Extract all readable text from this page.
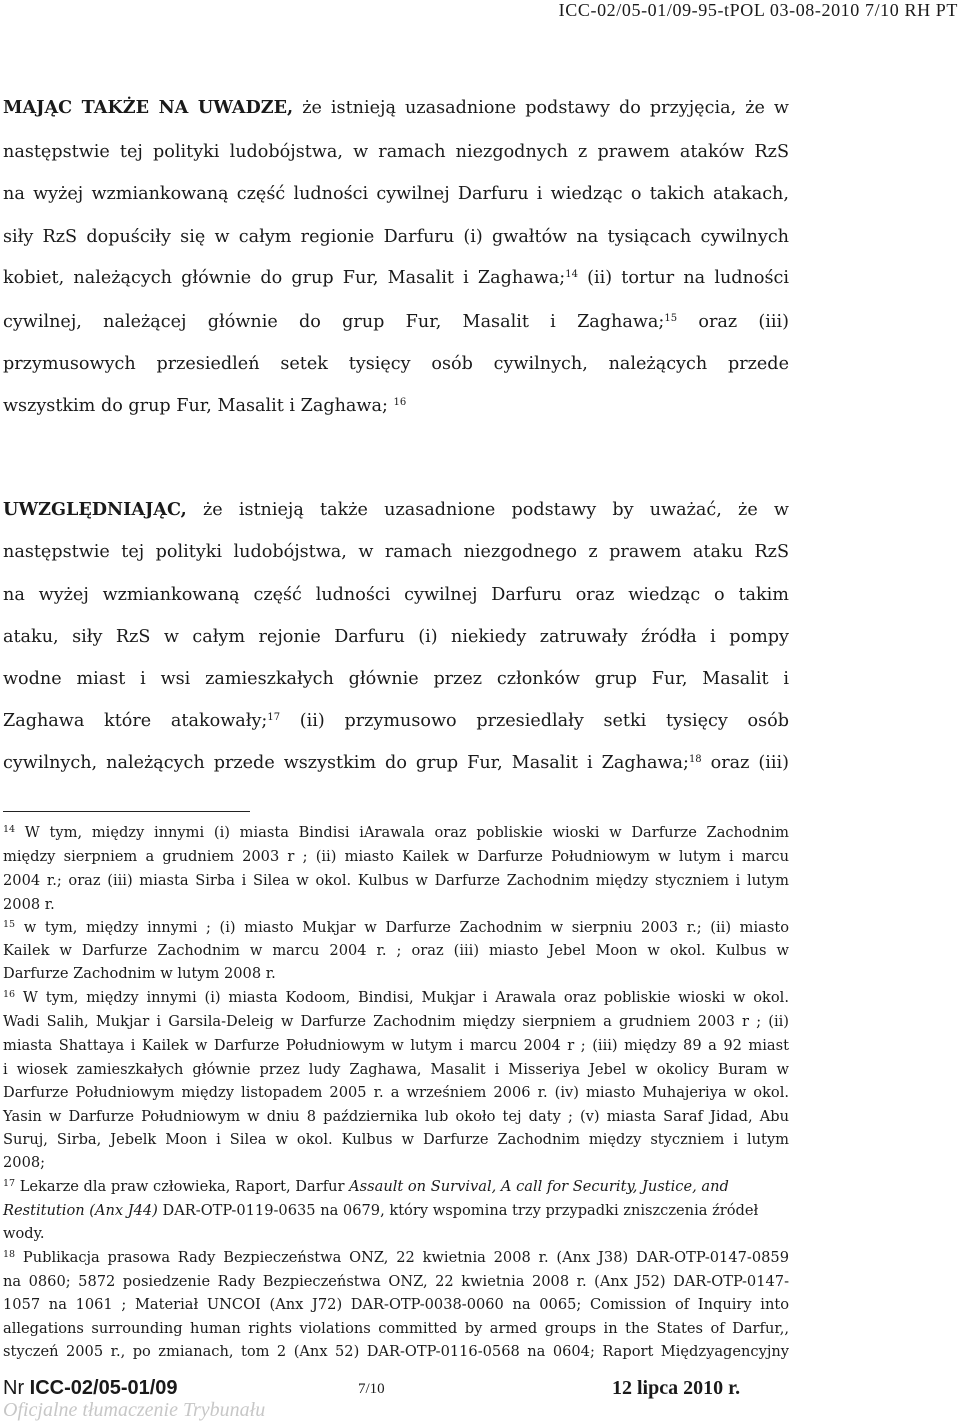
ICC-02/05-01/09-95-tPOL 03-08-2010 7/10 RH PT
MAJĄC TAKŻE NA UWADZE, że istnieją uzasadnione podstawy do przyjęcia, że w
następstwie tej polityki ludobójstwa, w ramach niezgodnych z prawem ataków RzS
na wyżej wzmiankowaną część ludności cywilnej Darfuru i wiedząc o takich atakach,
siły RzS dopuściły się w całym regionie Darfuru (i) gwałtów na tysiącach cywilnych
kobiet, należących głównie do grup Fur, Masalit i Zaghawa;$^{14}$ (ii) tortur na ludności
cywilnej, należącej głównie do grup Fur, Masalit i Zaghawa;$^{15}$ oraz (iii)
przymusowych przesiedleń setek tysięcy osób cywilnych, należących przede
wszystkim do grup Fur, Masalit i Zaghawa; $^{16}$
UWZGLĘDNIAJĄC, że istnieją także uzasadnione podstawy by uważać, że w
następstwie tej polityki ludobójstwa, w ramach niezgodnego z prawem ataku RzS
na wyżej wzmiankowaną część ludności cywilnej Darfuru oraz wiedząc o takim
ataku, siły RzS w całym rejonie Darfuru (i) niekiedy zatruwały źródła i pompy
wodne miast i wsi zamieszkałych głównie przez członków grup Fur, Masalit i
Zaghawa które atakowały;$^{17}$ (ii) przymusowo przesiedlały setki tysięcy osób
cywilnych, należących przede wszystkim do grup Fur, Masalit i Zaghawa;$^{18}$ oraz (iii)
$^{14}$ W tym, między innymi (i) miasta Bindisi iArawala oraz pobliskie wioski w Darfurze Zachodnim
między sierpniem a grudniem 2003 r ; (ii) miasto Kailek w Darfurze Południowym w lutym i marcu
2004 r.; oraz (iii) miasta Sirba i Silea w okol. Kulbus w Darfurze Zachodnim między styczniem i lutym
2008 r.
$^{15}$ w tym, między innymi ; (i) miasto Mukjar w Darfurze Zachodnim w sierpniu 2003 r.; (ii) miasto
Kailek w Darfurze Zachodnim w marcu 2004 r. ; oraz (iii) miasto Jebel Moon w okol. Kulbus w
Darfurze Zachodnim w lutym 2008 r.
$^{16}$ W tym, między innymi (i) miasta Kodoom, Bindisi, Mukjar i Arawala oraz pobliskie wioski w okol.
Wadi Salih, Mukjar i Garsila-Deleig w Darfurze Zachodnim między sierpniem a grudniem 2003 r ; (ii)
miasta Shattaya i Kailek w Darfurze Południowym w lutym i marcu 2004 r ; (iii) między 89 a 92 miast
i wiosek zamieszkałych głównie przez ludy Zaghawa, Masalit i Misseriya Jebel w okolicy Buram w
Darfurze Południowym między listopadem 2005 r. a wrześniem 2006 r. (iv) miasto Muhajeriya w okol.
Yasin w Darfurze Południowym w dniu 8 października lub około tej daty ; (v) miasta Saraf Jidad, Abu
Suruj, Sirba, Jebelk Moon i Silea w okol. Kulbus w Darfurze Zachodnim między styczniem i lutym
2008;
$^{17}$ Lekarze dla praw człowieka, Raport, Darfur Assault on Survival, A call for Security, Justice, and
Restitution (Anx J44) DAR-OTP-0119-0635 na 0679, który wspomina trzy przypadki zniszczenia źródeł
wody.
$^{18}$ Publikacja prasowa Rady Bezpieczeństwa ONZ, 22 kwietnia 2008 r. (Anx J38) DAR-OTP-0147-0859
na 0860; 5872 posiedzenie Rady Bezpieczeństwa ONZ, 22 kwietnia 2008 r. (Anx J52) DAR-OTP-0147-
1057 na 1061 ; Materiał UNCOI (Anx J72) DAR-OTP-0038-0060 na 0065; Comission of Inquiry into
allegations surrounding human rights violations committed by armed groups in the States of Darfur,,
styczeń 2005 r., po zmianach, tom 2 (Anx 52) DAR-OTP-0116-0568 na 0604; Raport Międzyagencyjny
Nr ICC-02/05-01/09	7/10	12 lipca 2010 r.
Oficjalne tłumaczenie Trybunału
